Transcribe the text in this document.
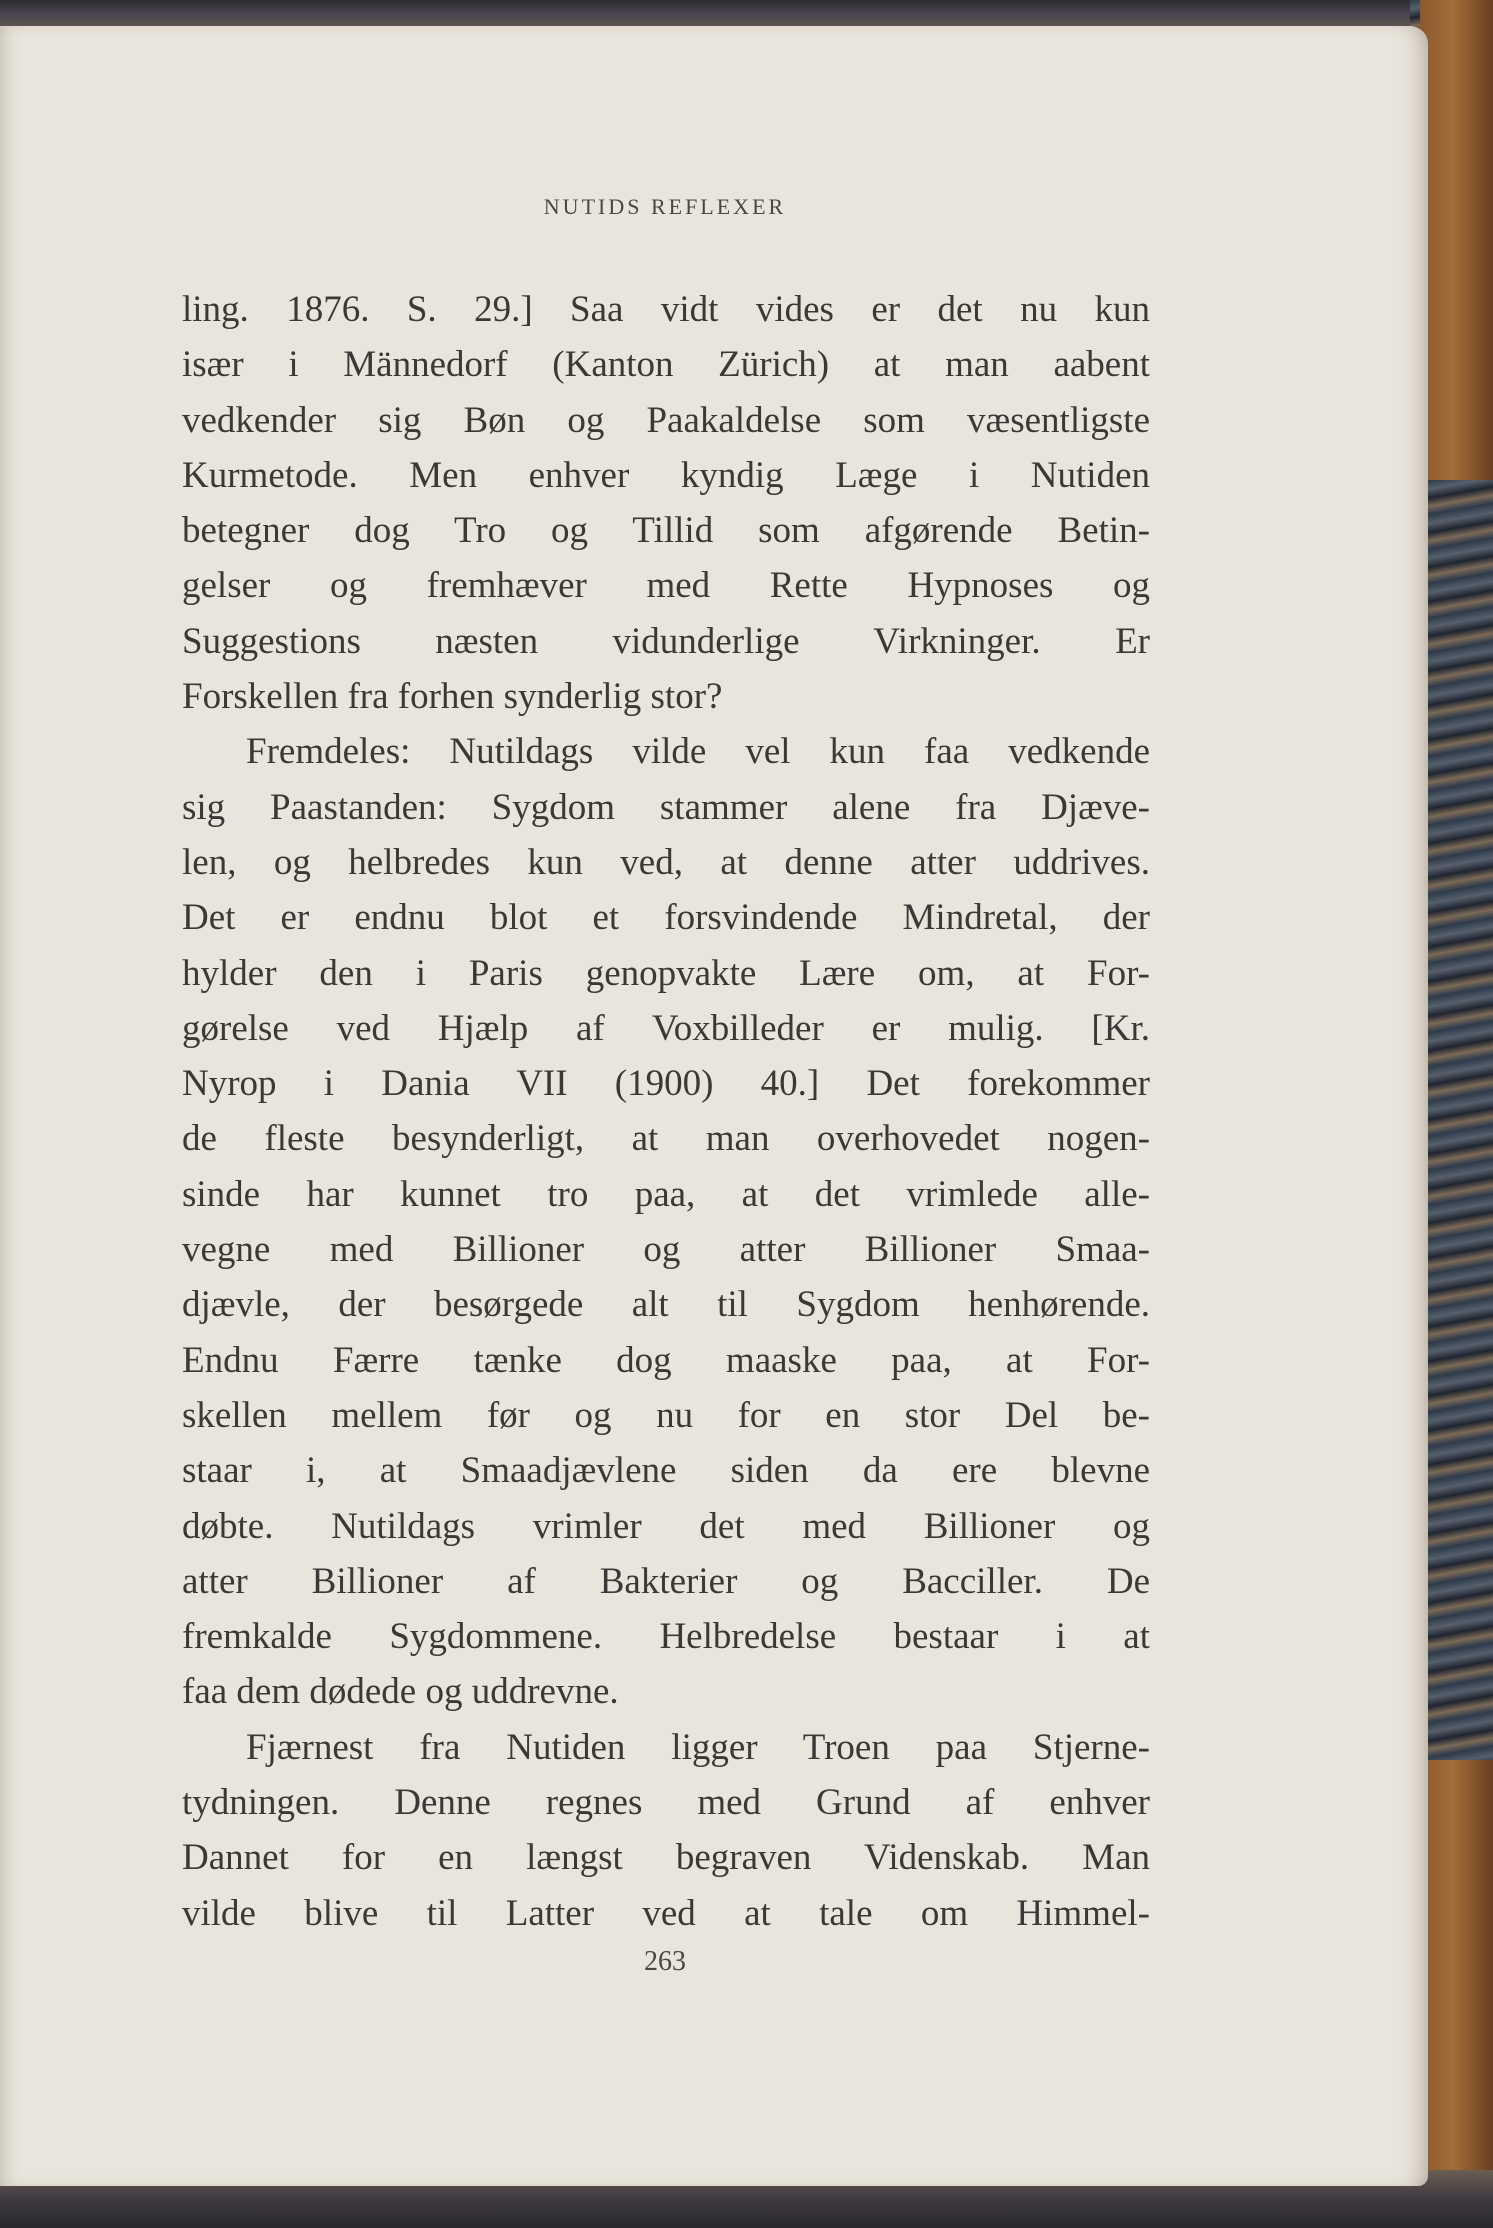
NUTIDS REFLEXER
ling. 1876. S. 29.] Saa vidt vides er det nu kun
især i Männedorf (Kanton Zürich) at man aabent
vedkender sig Bøn og Paakaldelse som væsentligste
Kurmetode. Men enhver kyndig Læge i Nutiden
betegner dog Tro og Tillid som afgørende Betin-
gelser og fremhæver med Rette Hypnoses og
Suggestions næsten vidunderlige Virkninger. Er
Forskellen fra forhen synderlig stor?
Fremdeles: Nutildags vilde vel kun faa vedkende
sig Paastanden: Sygdom stammer alene fra Djæve-
len, og helbredes kun ved, at denne atter uddrives.
Det er endnu blot et forsvindende Mindretal, der
hylder den i Paris genopvakte Lære om, at For-
gørelse ved Hjælp af Voxbilleder er mulig. [Kr.
Nyrop i Dania VII (1900) 40.] Det forekommer
de fleste besynderligt, at man overhovedet nogen-
sinde har kunnet tro paa, at det vrimlede alle-
vegne med Billioner og atter Billioner Smaa-
djævle, der besørgede alt til Sygdom henhørende.
Endnu Færre tænke dog maaske paa, at For-
skellen mellem før og nu for en stor Del be-
staar i, at Smaadjævlene siden da ere blevne
døbte. Nutildags vrimler det med Billioner og
atter Billioner af Bakterier og Bacciller. De
fremkalde Sygdommene. Helbredelse bestaar i at
faa dem dødede og uddrevne.
Fjærnest fra Nutiden ligger Troen paa Stjerne-
tydningen. Denne regnes med Grund af enhver
Dannet for en længst begraven Videnskab. Man
vilde blive til Latter ved at tale om Himmel-
263
